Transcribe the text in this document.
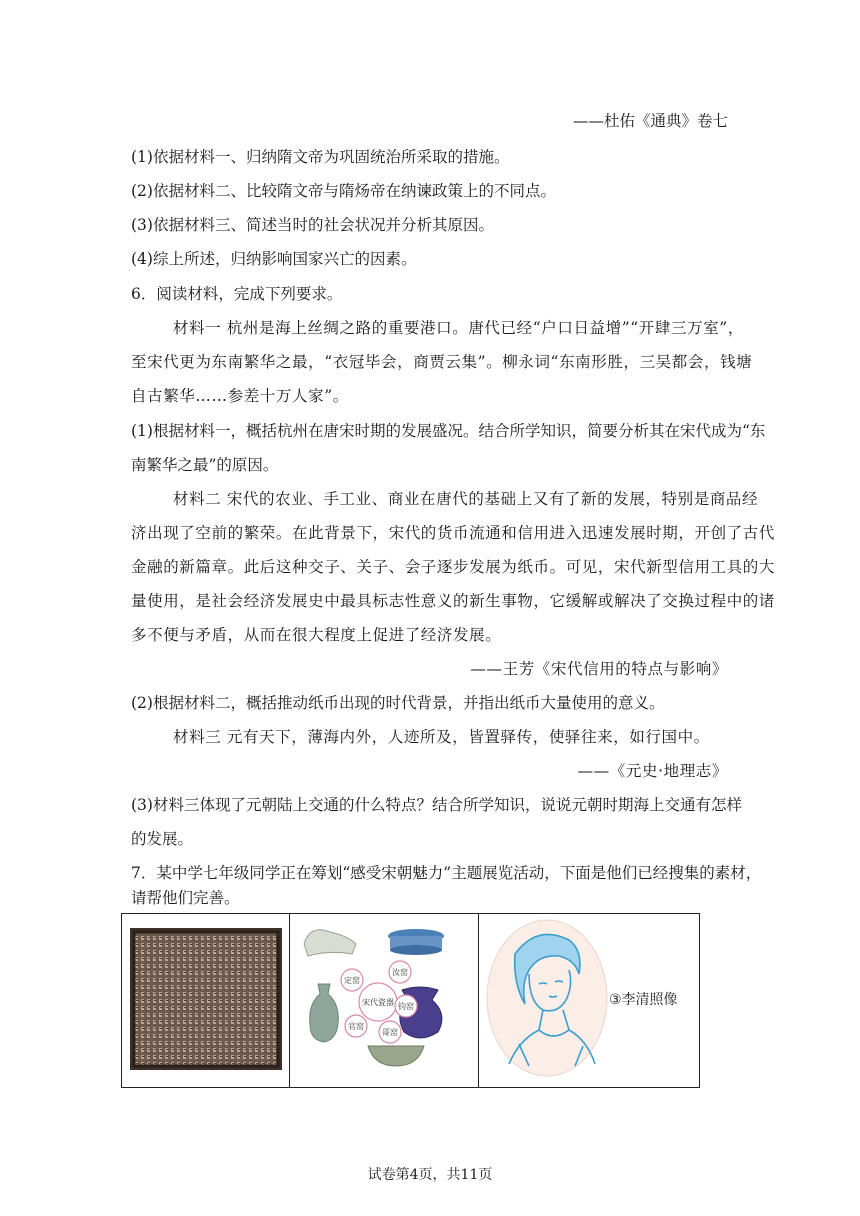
——杜佑《通典》卷七
(1)依据材料一、归纳隋文帝为巩固统治所采取的措施。
(2)依据材料二、比较隋文帝与隋炀帝在纳谏政策上的不同点。
(3)依据材料三、简述当时的社会状况并分析其原因。
(4)综上所述，归纳影响国家兴亡的因素。
6．阅读材料，完成下列要求。
材料一 杭州是海上丝绸之路的重要港口。唐代已经“户口日益增”“开肆三万室”，
至宋代更为东南繁华之最，“衣冠毕会，商贾云集”。柳永词“东南形胜，三吴都会，钱塘
自古繁华……参差十万人家”。
(1)根据材料一，概括杭州在唐宋时期的发展盛况。结合所学知识，简要分析其在宋代成为“东
南繁华之最”的原因。
材料二 宋代的农业、手工业、商业在唐代的基础上又有了新的发展，特别是商品经
济出现了空前的繁荣。在此背景下，宋代的货币流通和信用进入迅速发展时期，开创了古代
金融的新篇章。此后这种交子、关子、会子逐步发展为纸币。可见，宋代新型信用工具的大
量使用，是社会经济发展史中最具标志性意义的新生事物，它缓解或解决了交换过程中的诸
多不便与矛盾，从而在很大程度上促进了经济发展。
——王芳《宋代信用的特点与影响》
(2)根据材料二，概括推动纸币出现的时代背景，并指出纸币大量使用的意义。
材料三 元有天下，薄海内外，人迹所及，皆置驿传，使驿往来，如行国中。
——《元史·地理志》
(3)材料三体现了元朝陆上交通的什么特点？结合所学知识，说说元朝时期海上交通有怎样
的发展。
7．某中学七年级同学正在筹划“感受宋朝魅力”主题展览活动，下面是他们已经搜集的素材，
请帮他们完善。

宋代瓷器
定窑
汝窑
钧窑
哥窑
官窑

③李清照像
试卷第4页，共11页
